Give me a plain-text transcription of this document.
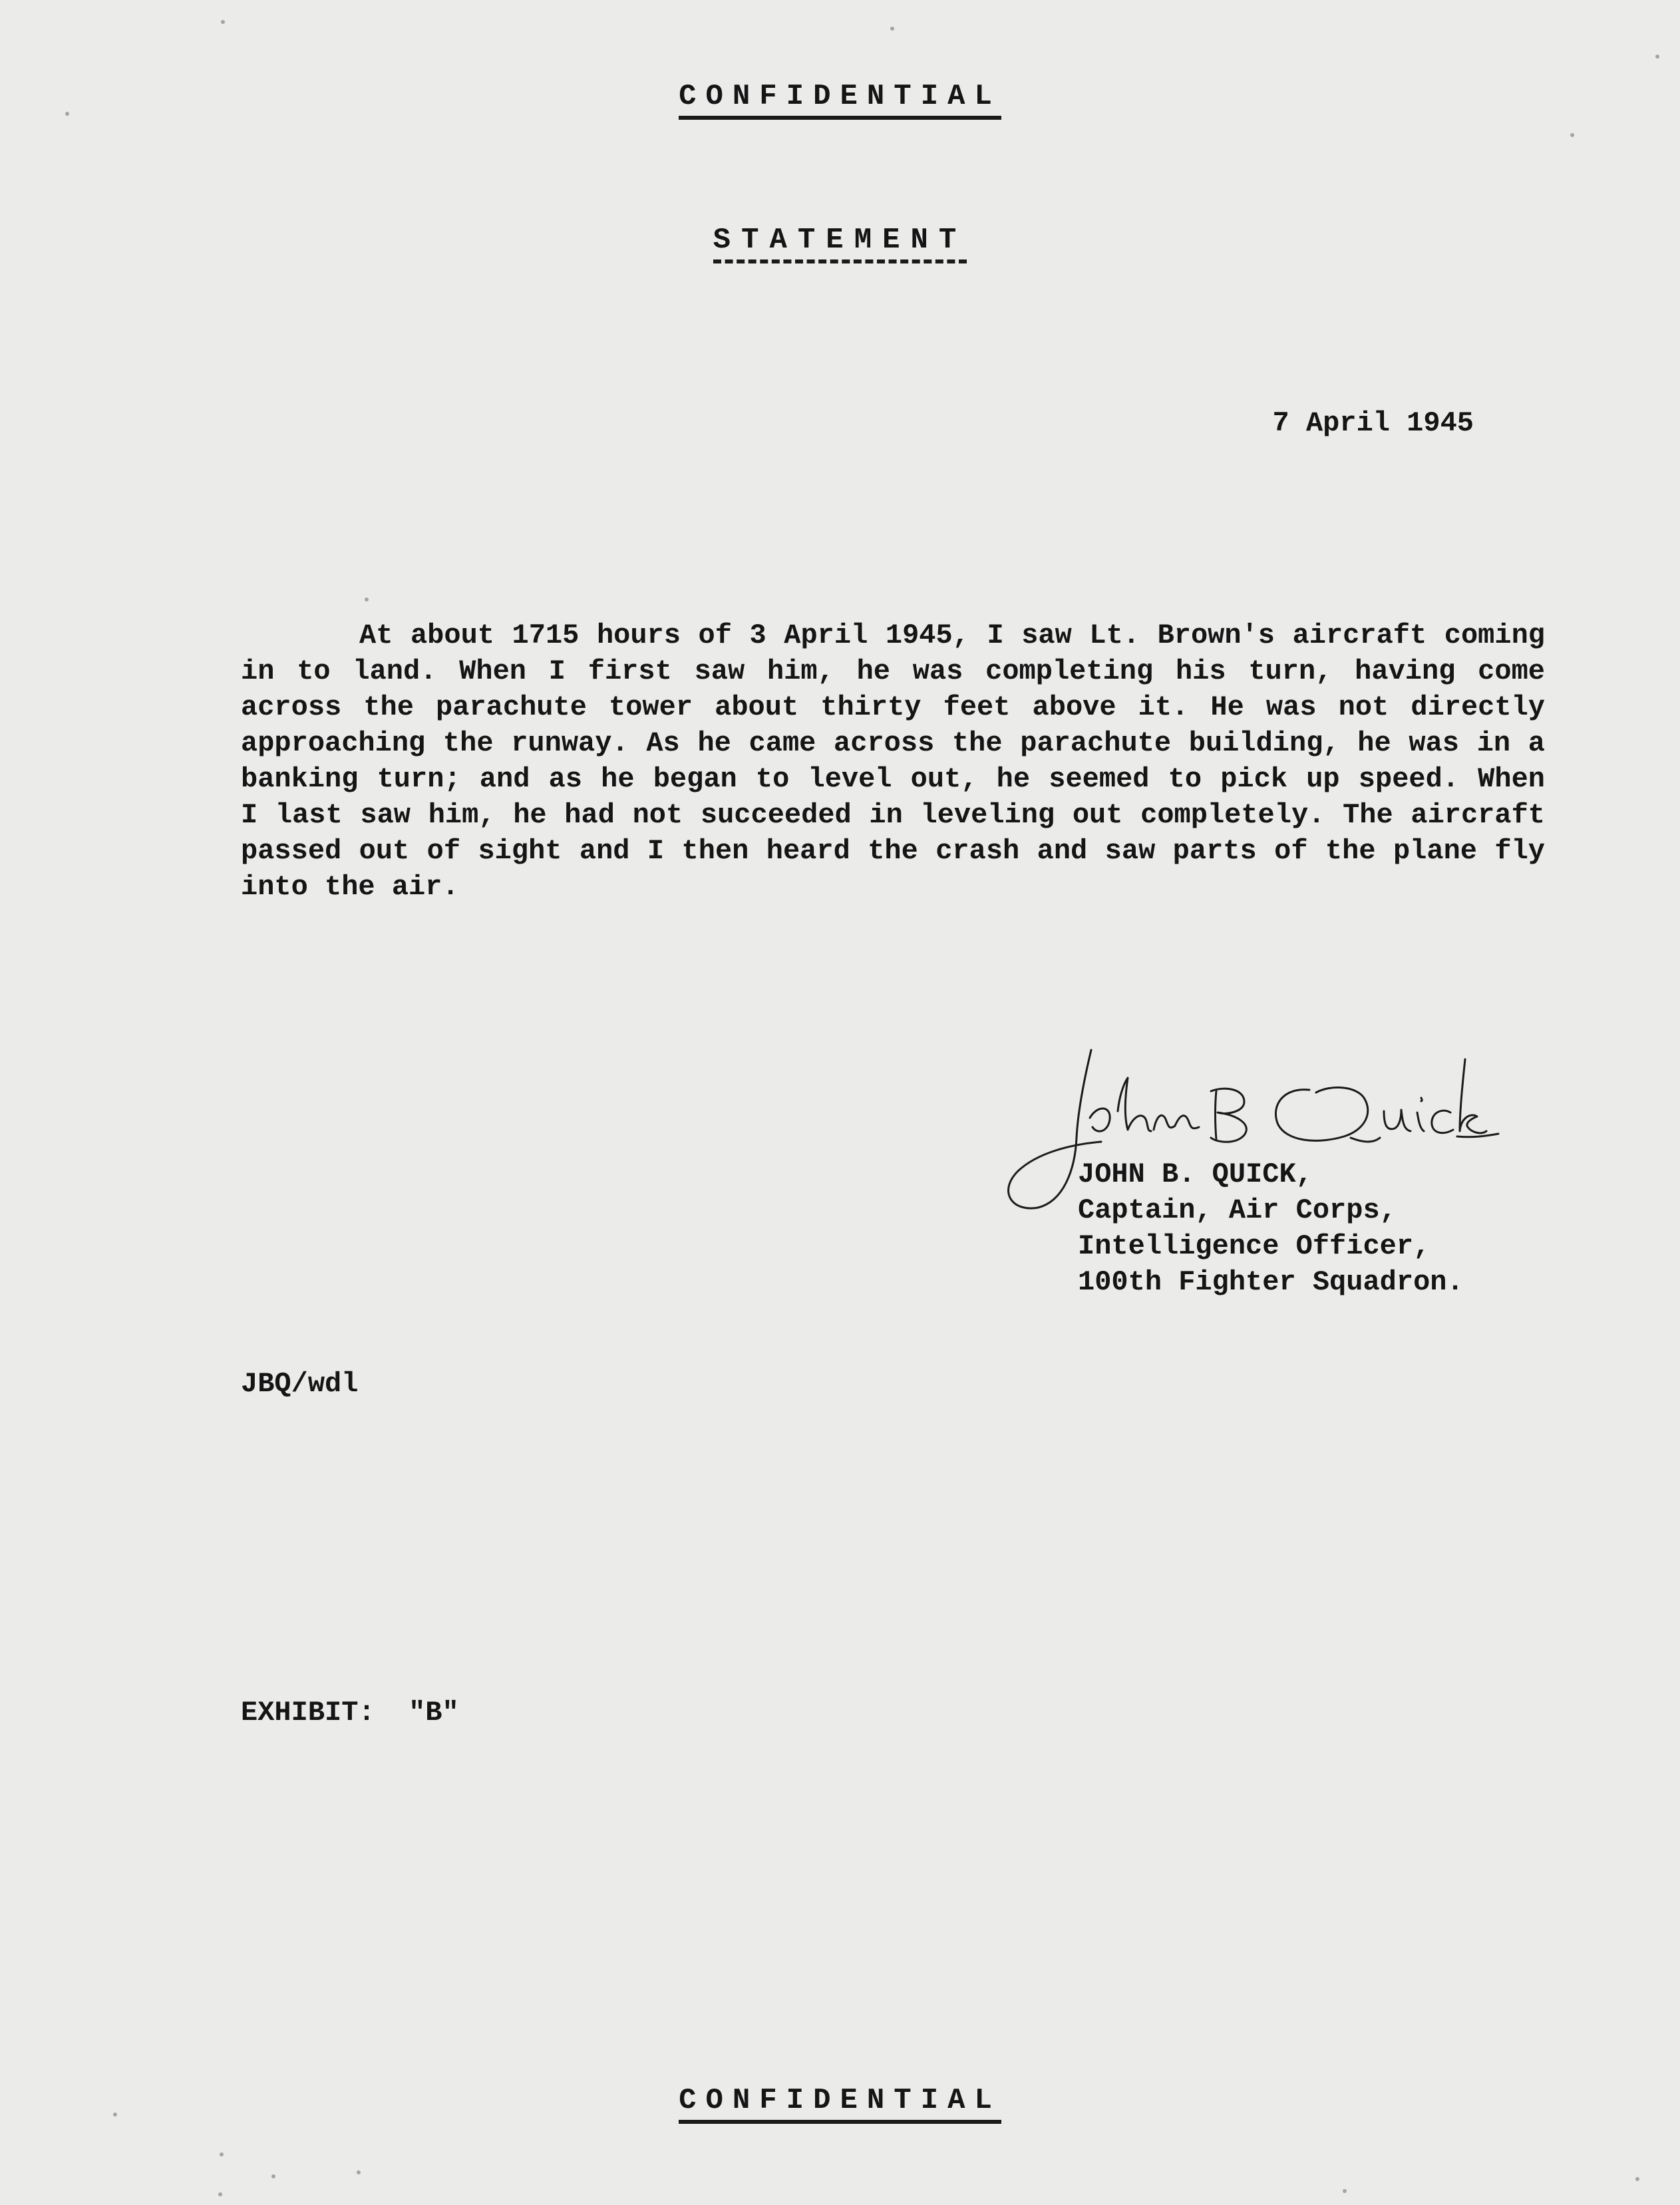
CONFIDENTIAL
STATEMENT
7 April 1945

At about 1715 hours of 3 April 1945, I saw Lt. Brown's aircraft coming in to land. When I first saw him, he was completing his turn, having come across the parachute tower about thirty feet above it. He was not directly approaching the runway. As he came across the parachute building, he was in a banking turn; and as he began to level out, he seemed to pick up speed. When I last saw him, he had not succeeded in leveling out completely. The aircraft passed out of sight and I then heard the crash and saw parts of the plane fly into the air.

JOHN B. QUICK,
Captain, Air Corps,
Intelligence Officer,
100th Fighter Squadron.
JBQ/wdl
EXHIBIT: "B"
CONFIDENTIAL
